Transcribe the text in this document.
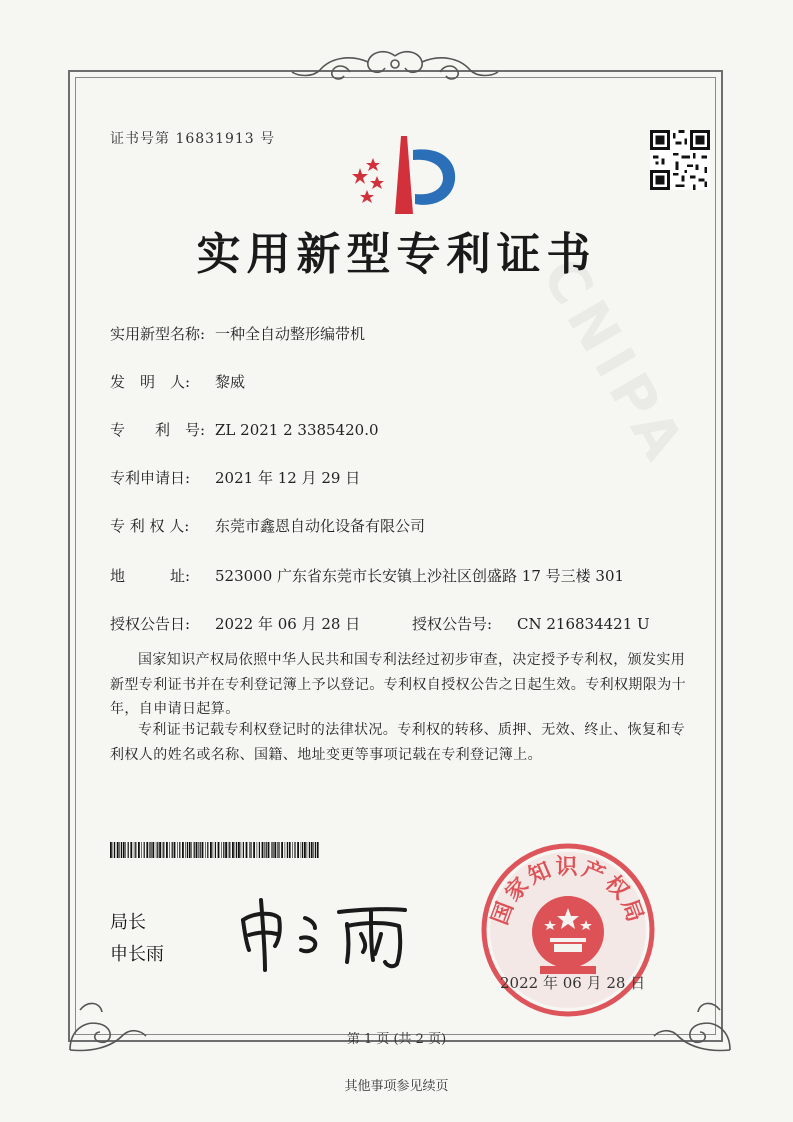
CNIPA
证书号第 16831913 号
实用新型专利证书
实用新型名称: 一种全自动整形编带机
发　明　人: 黎威
专　　利　号: ZL 2021 2 3385420.0
专利申请日: 2021 年 12 月 29 日
专 利 权 人: 东莞市鑫恩自动化设备有限公司
地　　　址: 523000 广东省东莞市长安镇上沙社区创盛路 17 号三楼 301
授权公告日: 2022 年 06 月 28 日	授权公告号: CN 216834421 U
国家知识产权局依照中华人民共和国专利法经过初步审查，决定授予专利权，颁发实用新型专利证书并在专利登记簿上予以登记。专利权自授权公告之日起生效。专利权期限为十年，自申请日起算。
专利证书记载专利权登记时的法律状况。专利权的转移、质押、无效、终止、恢复和专利权人的姓名或名称、国籍、地址变更等事项记载在专利登记簿上。
局长
申长雨
国家知识产权局
2022 年 06 月 28 日
第 1 页 (共 2 页)
其他事项参见续页
